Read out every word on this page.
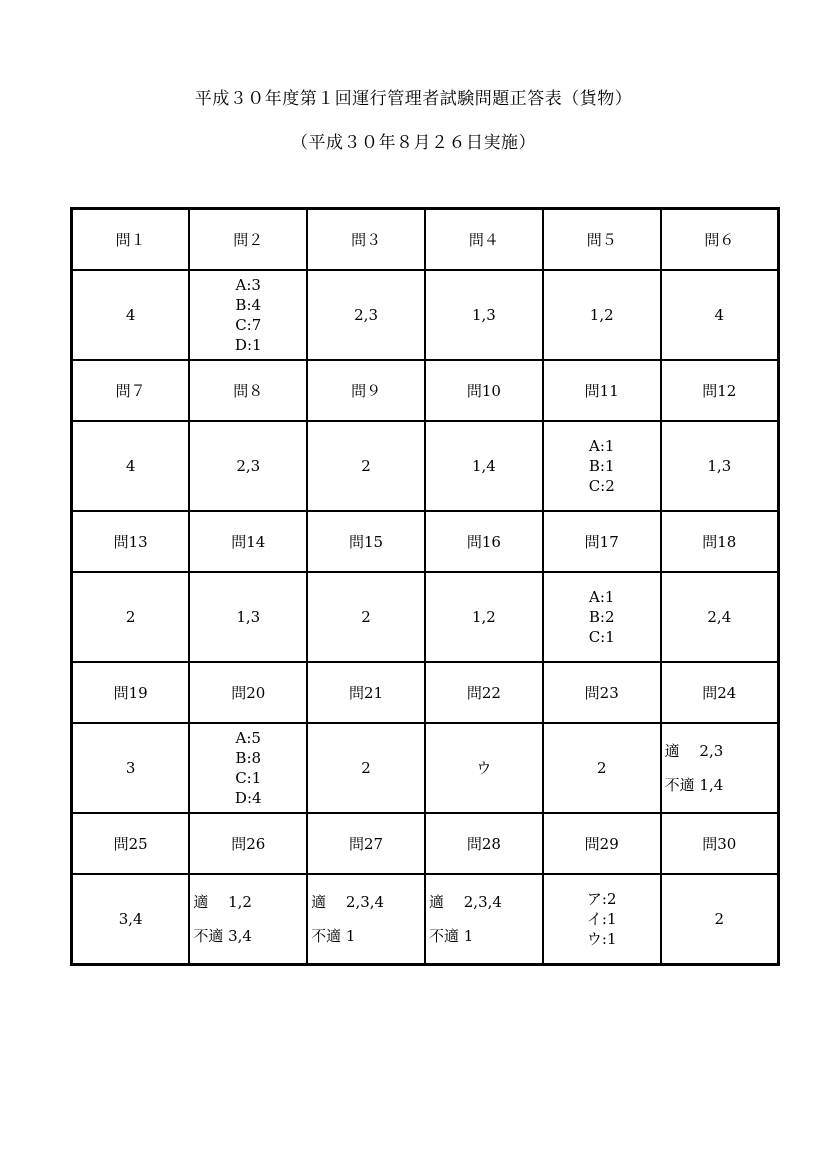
平成３０年度第１回運行管理者試験問題正答表（貨物）
（平成３０年８月２６日実施）
問１	問２	問３	問４	問５	問６

4	A:3
B:4
C:7
D:1	2,3	1,3	1,2	4

問７	問８	問９	問10	問11	問12

4	2,3	2	1,4	A:1
B:1
C:2	1,3

問13	問14	問15	問16	問17	問18

2	1,3	2	1,2	A:1
B:2
C:1	2,4

問19	問20	問21	問22	問23	問24

3	A:5
B:8
C:1
D:4	2	ウ	2	適　 2,3
不適 1,4

問25	問26	問27	問28	問29	問30

3,4	適　 1,2
不適 3,4	適　 2,3,4
不適 1	適　 2,3,4
不適 1	ア:2
イ:1
ウ:1	2
